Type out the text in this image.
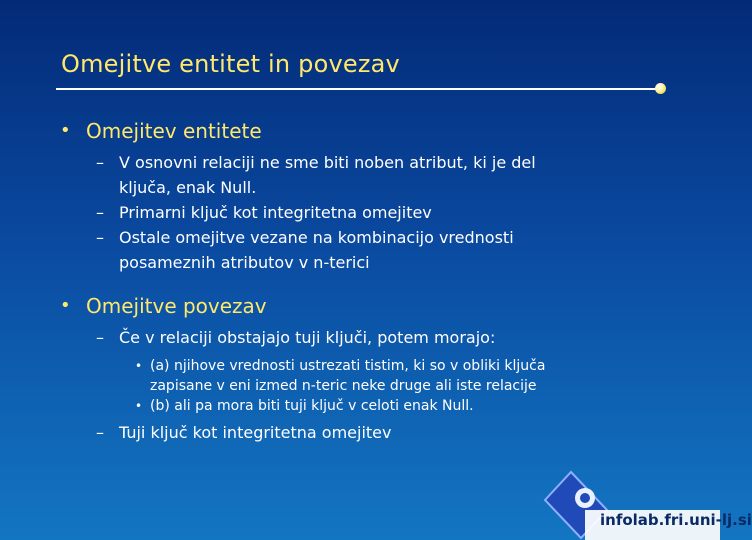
Omejitve entitet in povezav
• Omejitev entitete
– V osnovni relaciji ne sme biti noben atribut, ki je del
ključa, enak Null.
– Primarni ključ kot integritetna omejitev
– Ostale omejitve vezane na kombinacijo vrednosti
posameznih atributov v n-terici
• Omejitve povezav
– Če v relaciji obstajajo tuji ključi, potem morajo:
• (a) njihove vrednosti ustrezati tistim, ki so v obliki ključa
zapisane v eni izmed n-teric neke druge ali iste relacije
• (b) ali pa mora biti tuji ključ v celoti enak Null.
– Tuji ključ kot integritetna omejitev
infolab.fri.uni-lj.si
